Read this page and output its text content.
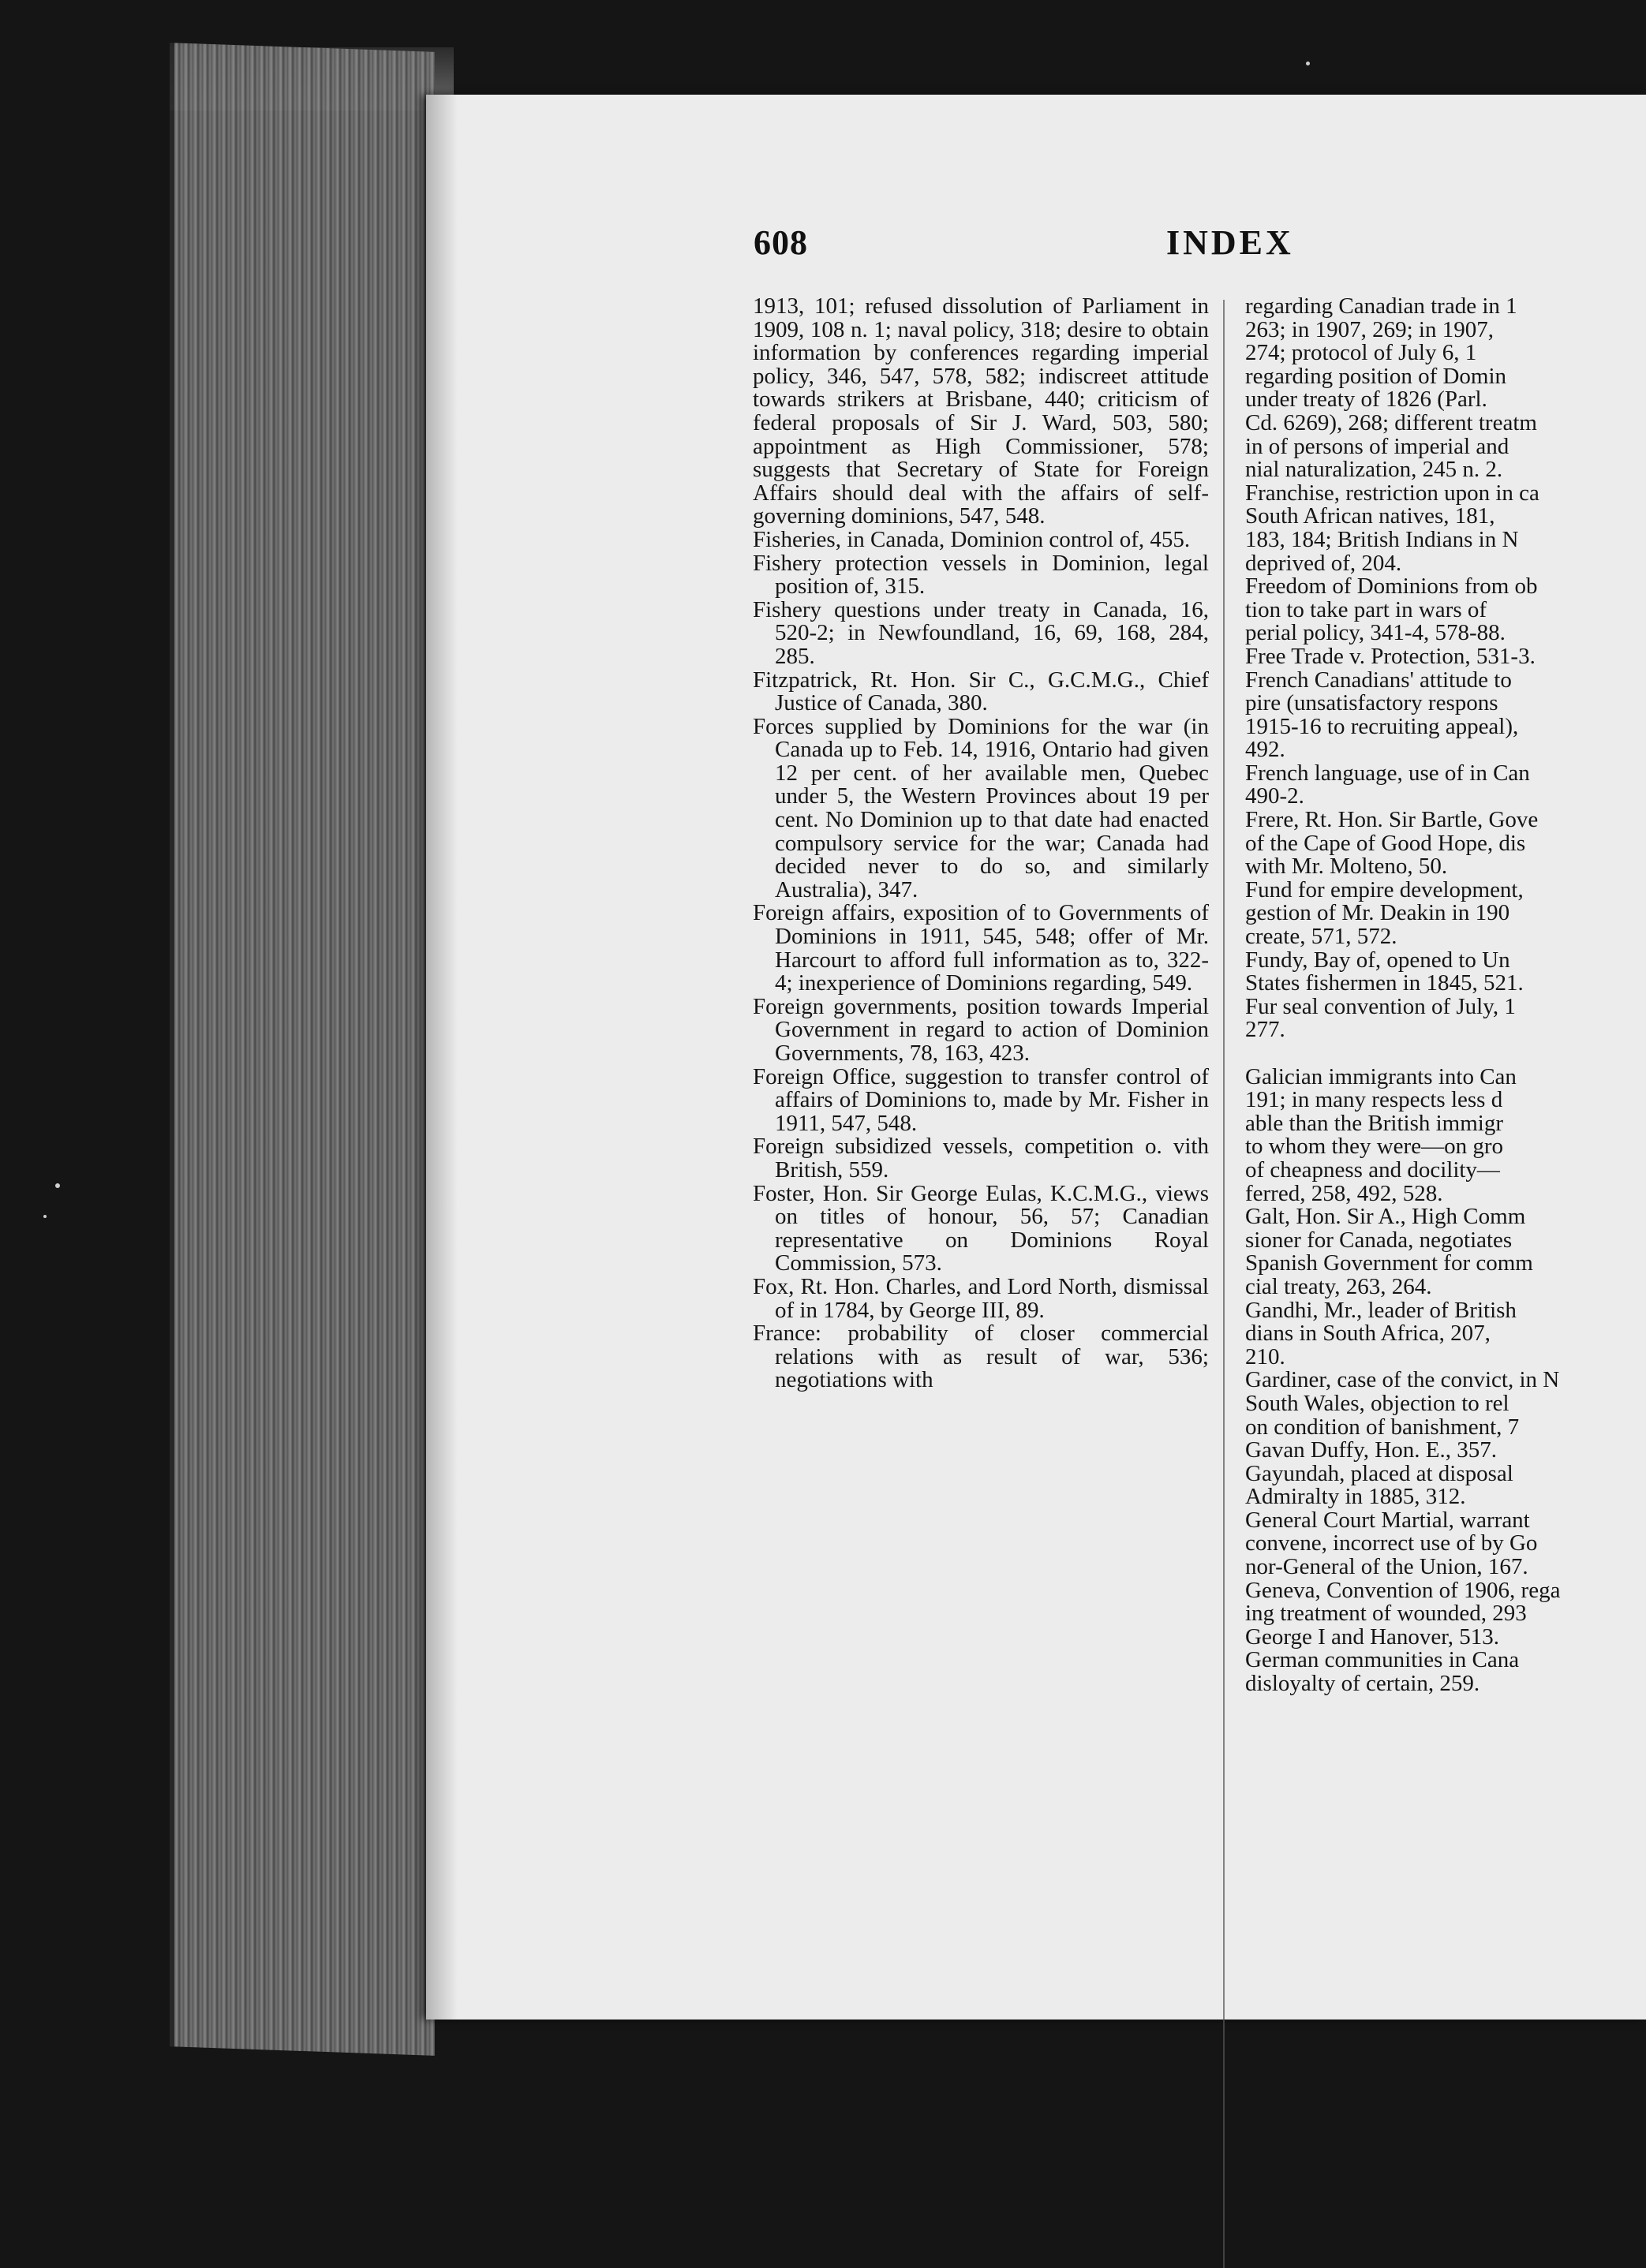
608	INDEX

1913, 101; refused dissolution of Parliament in 1909, 108 n. 1; naval policy, 318; desire to obtain information by conferences regarding imperial policy, 346, 547, 578, 582; indiscreet attitude towards strikers at Brisbane, 440; criticism of federal proposals of Sir J. Ward, 503, 580; appointment as High Commissioner, 578; suggests that Secretary of State for Foreign Affairs should deal with the affairs of self-governing dominions, 547, 548.

Fisheries, in Canada, Dominion control of, 455.

Fishery protection vessels in Dominion, legal position of, 315.

Fishery questions under treaty in Canada, 16, 520-2; in Newfoundland, 16, 69, 168, 284, 285.

Fitzpatrick, Rt. Hon. Sir C., G.C.M.G., Chief Justice of Canada, 380.

Forces supplied by Dominions for the war (in Canada up to Feb. 14, 1916, Ontario had given 12 per cent. of her available men, Quebec under 5, the Western Provinces about 19 per cent. No Dominion up to that date had enacted compulsory service for the war; Canada had decided never to do so, and similarly Australia), 347.

Foreign affairs, exposition of to Governments of Dominions in 1911, 545, 548; offer of Mr. Harcourt to afford full information as to, 322-4; inexperience of Dominions regarding, 549.

Foreign governments, position towards Imperial Government in regard to action of Dominion Governments, 78, 163, 423.

Foreign Office, suggestion to transfer control of affairs of Dominions to, made by Mr. Fisher in 1911, 547, 548.

Foreign subsidized vessels, competition o. vith British, 559.

Foster, Hon. Sir George Eulas, K.C.M.G., views on titles of honour, 56, 57; Canadian representative on Dominions Royal Commission, 573.

Fox, Rt. Hon. Charles, and Lord North, dismissal of in 1784, by George III, 89.

France: probability of closer commercial relations with as result of war, 536; negotiations with

regarding Canadian trade in 1
263; in 1907, 269; in 1907,
274; protocol of July 6, 1
regarding position of Domin
under treaty of 1826 (Parl.
Cd. 6269), 268; different treatm
in of persons of imperial and
nial naturalization, 245 n. 2.
Franchise, restriction upon in ca
South African natives, 181,
183, 184; British Indians in N
deprived of, 204.
Freedom of Dominions from ob
tion to take part in wars of
perial policy, 341-4, 578-88.
Free Trade v. Protection, 531-3.
French Canadians' attitude to
pire (unsatisfactory respons
1915-16 to recruiting appeal),
492.
French language, use of in Can
490-2.
Frere, Rt. Hon. Sir Bartle, Gove
of the Cape of Good Hope, dis
with Mr. Molteno, 50.
Fund for empire development,
gestion of Mr. Deakin in 190
create, 571, 572.
Fundy, Bay of, opened to Un
States fishermen in 1845, 521.
Fur seal convention of July, 1
277.
Galician immigrants into Can
191; in many respects less d
able than the British immigr
to whom they were—on gro
of cheapness and docility—
ferred, 258, 492, 528.
Galt, Hon. Sir A., High Comm
sioner for Canada, negotiates
Spanish Government for comm
cial treaty, 263, 264.
Gandhi, Mr., leader of British
dians in South Africa, 207,
210.
Gardiner, case of the convict, in N
South Wales, objection to rel
on condition of banishment, 7
Gavan Duffy, Hon. E., 357.
Gayundah, placed at disposal
Admiralty in 1885, 312.
General Court Martial, warrant
convene, incorrect use of by Go
nor-General of the Union, 167.
Geneva, Convention of 1906, rega
ing treatment of wounded, 293
George I and Hanover, 513.
German communities in Cana
disloyalty of certain, 259.
